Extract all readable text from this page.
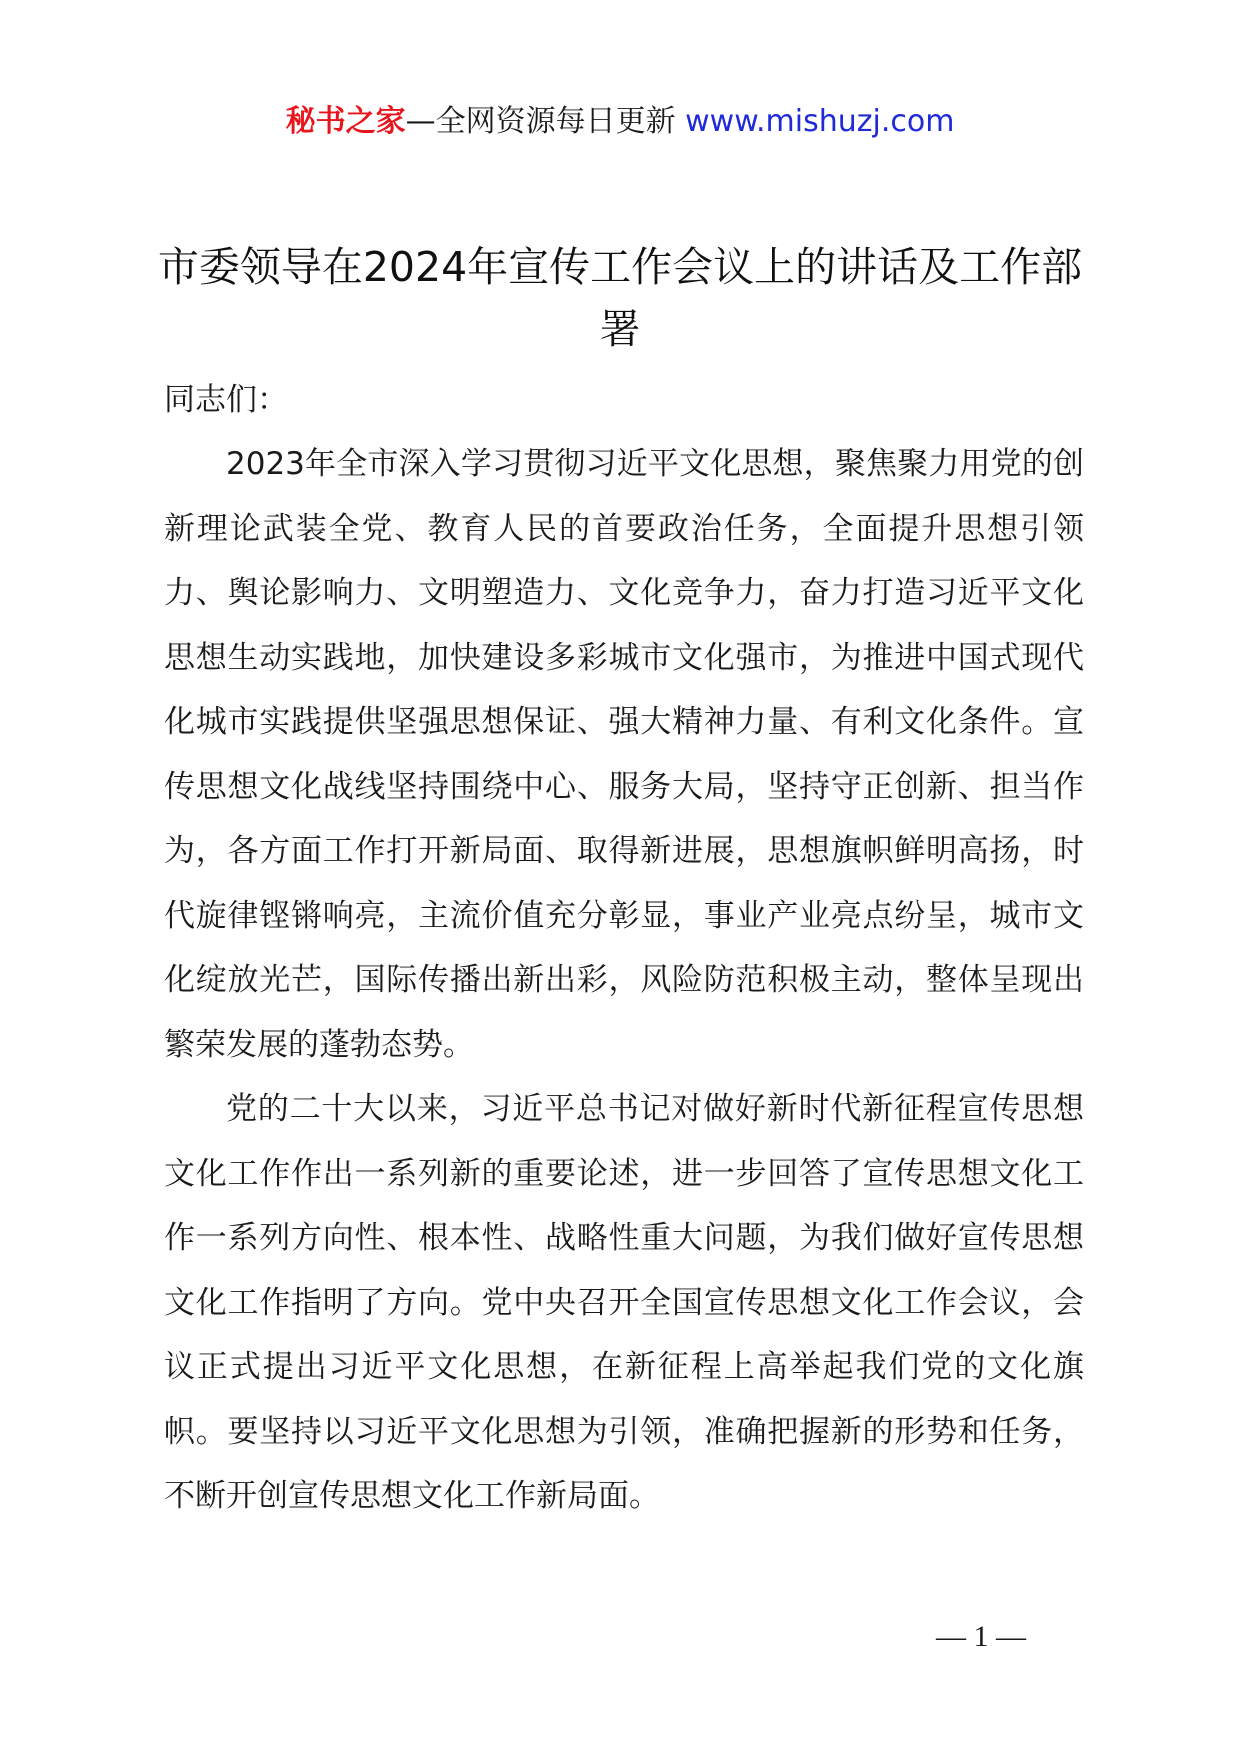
秘书之家—全网资源每日更新 www.mishuzj.com
市委领导在2024年宣传工作会议上的讲话及工作部署

同志们：

2023年全市深入学习贯彻习近平文化思想，聚焦聚力用党的创新理论武装全党、教育人民的首要政治任务，全面提升思想引领力、舆论影响力、文明塑造力、文化竞争力，奋力打造习近平文化思想生动实践地，加快建设多彩城市文化强市，为推进中国式现代化城市实践提供坚强思想保证、强大精神力量、有利文化条件。宣传思想文化战线坚持围绕中心、服务大局，坚持守正创新、担当作为，各方面工作打开新局面、取得新进展，思想旗帜鲜明高扬，时代旋律铿锵响亮，主流价值充分彰显，事业产业亮点纷呈，城市文化绽放光芒，国际传播出新出彩，风险防范积极主动，整体呈现出繁荣发展的蓬勃态势。

党的二十大以来，习近平总书记对做好新时代新征程宣传思想文化工作作出一系列新的重要论述，进一步回答了宣传思想文化工作一系列方向性、根本性、战略性重大问题，为我们做好宣传思想文化工作指明了方向。党中央召开全国宣传思想文化工作会议，会议正式提出习近平文化思想，在新征程上高举起我们党的文化旗帜。要坚持以习近平文化思想为引领，准确把握新的形势和任务，不断开创宣传思想文化工作新局面。

— 1 —
